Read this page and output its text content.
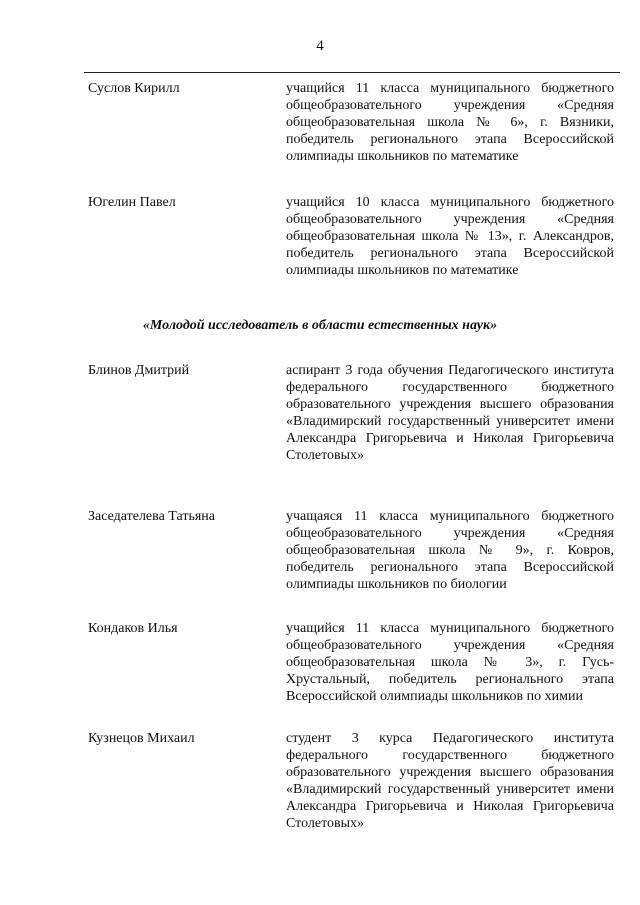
4
Суслов Кирилл	учащийся 11 класса муниципального бюджетного общеобразовательного учреждения «Средняя общеобразовательная школа № 6», г. Вязники, победитель регионального этапа Всероссийской олимпиады школьников по математике
Югелин Павел	учащийся 10 класса муниципального бюджетного общеобразовательного учреждения «Средняя общеобразовательная школа № 13», г. Александров, победитель регионального этапа Всероссийской олимпиады школьников по математике
«Молодой исследователь в области естественных наук»
Блинов Дмитрий	аспирант 3 года обучения Педагогического института федерального государственного бюджетного образовательного учреждения высшего образования «Владимирский государственный университет имени Александра Григорьевича и Николая Григорьевича Столетовых»
Заседателева Татьяна	учащаяся 11 класса муниципального бюджетного общеобразовательного учреждения «Средняя общеобразовательная школа № 9», г. Ковров, победитель регионального этапа Всероссийской олимпиады школьников по биологии
Кондаков Илья	учащийся 11 класса муниципального бюджетного общеобразовательного учреждения «Средняя общеобразовательная школа № 3», г. Гусь-Хрустальный, победитель регионального этапа Всероссийской олимпиады школьников по химии
Кузнецов Михаил	студент 3 курса Педагогического института федерального государственного бюджетного образовательного учреждения высшего образования «Владимирский государственный университет имени Александра Григорьевича и Николая Григорьевича Столетовых»
